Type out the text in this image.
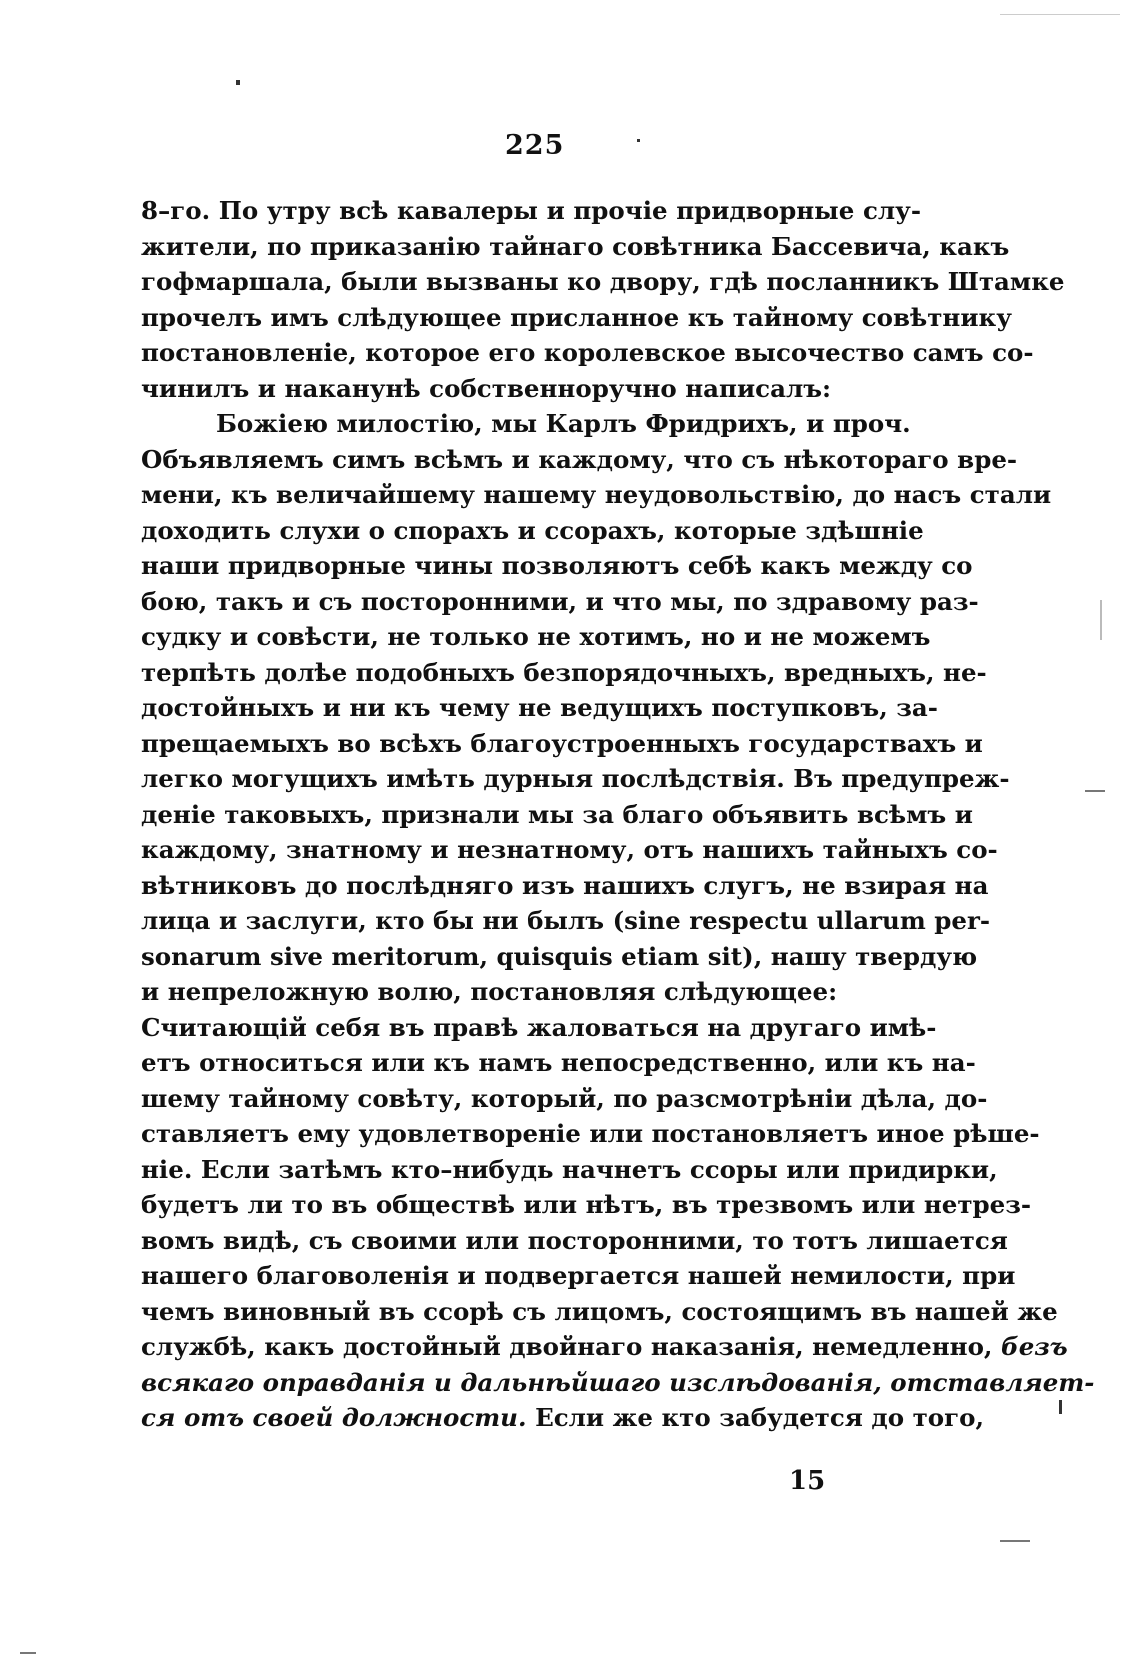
225
8–го. По утру всѣ кавалеры и прочіе придворные слу-
жители, по приказанію тайнаго совѣтника Бассевича, какъ
гофмаршала, были вызваны ко двору, гдѣ посланникъ Штамке
прочелъ имъ слѣдующее присланное къ тайному совѣтнику
постановленіе, которое его королевское высочество самъ со-
чинилъ и наканунѣ собственноручно написалъ:
Божіею милостію, мы Карлъ Фридрихъ, и проч.
Объявляемъ симъ всѣмъ и каждому, что съ нѣкотораго вре-
мени, къ величайшему нашему неудовольствію, до насъ стали
доходить слухи о спорахъ и ссорахъ, которые здѣшніе
наши придворные чины позволяютъ себѣ какъ между со
бою, такъ и съ посторонними, и что мы, по здравому раз-
судку и совѣсти, не только не хотимъ, но и не можемъ
терпѣть долѣе подобныхъ безпорядочныхъ, вредныхъ, не-
достойныхъ и ни къ чему не ведущихъ поступковъ, за-
прещаемыхъ во всѣхъ благоустроенныхъ государствахъ и
легко могущихъ имѣть дурныя послѣдствія. Въ предупреж-
деніе таковыхъ, признали мы за благо объявить всѣмъ и
каждому, знатному и незнатному, отъ нашихъ тайныхъ со-
вѣтниковъ до послѣдняго изъ нашихъ слугъ, не взирая на
лица и заслуги, кто бы ни былъ (sine respectu ullarum per-
sonarum sive meritorum, quisquis etiam sit), нашу твердую
и непреложную волю, постановляя слѣдующее:
Считающій себя въ правѣ жаловаться на другаго имѣ-
етъ относиться или къ намъ непосредственно, или къ на-
шему тайному совѣту, который, по разсмотрѣніи дѣла, до-
ставляетъ ему удовлетвореніе или постановляетъ иное рѣше-
ніе. Если затѣмъ кто–нибудь начнетъ ссоры или придирки,
будетъ ли то въ обществѣ или нѣтъ, въ трезвомъ или нетрез-
вомъ видѣ, съ своими или посторонними, то тотъ лишается
нашего благоволенія и подвергается нашей немилости, при
чемъ виновный въ ссорѣ съ лицомъ, состоящимъ въ нашей же
службѣ, какъ достойный двойнаго наказанія, немедленно, безъ
всякаго оправданія и дальнѣйшаго изслѣдованія, отставляет-
ся отъ своей должности. Если же кто забудется до того,
15
